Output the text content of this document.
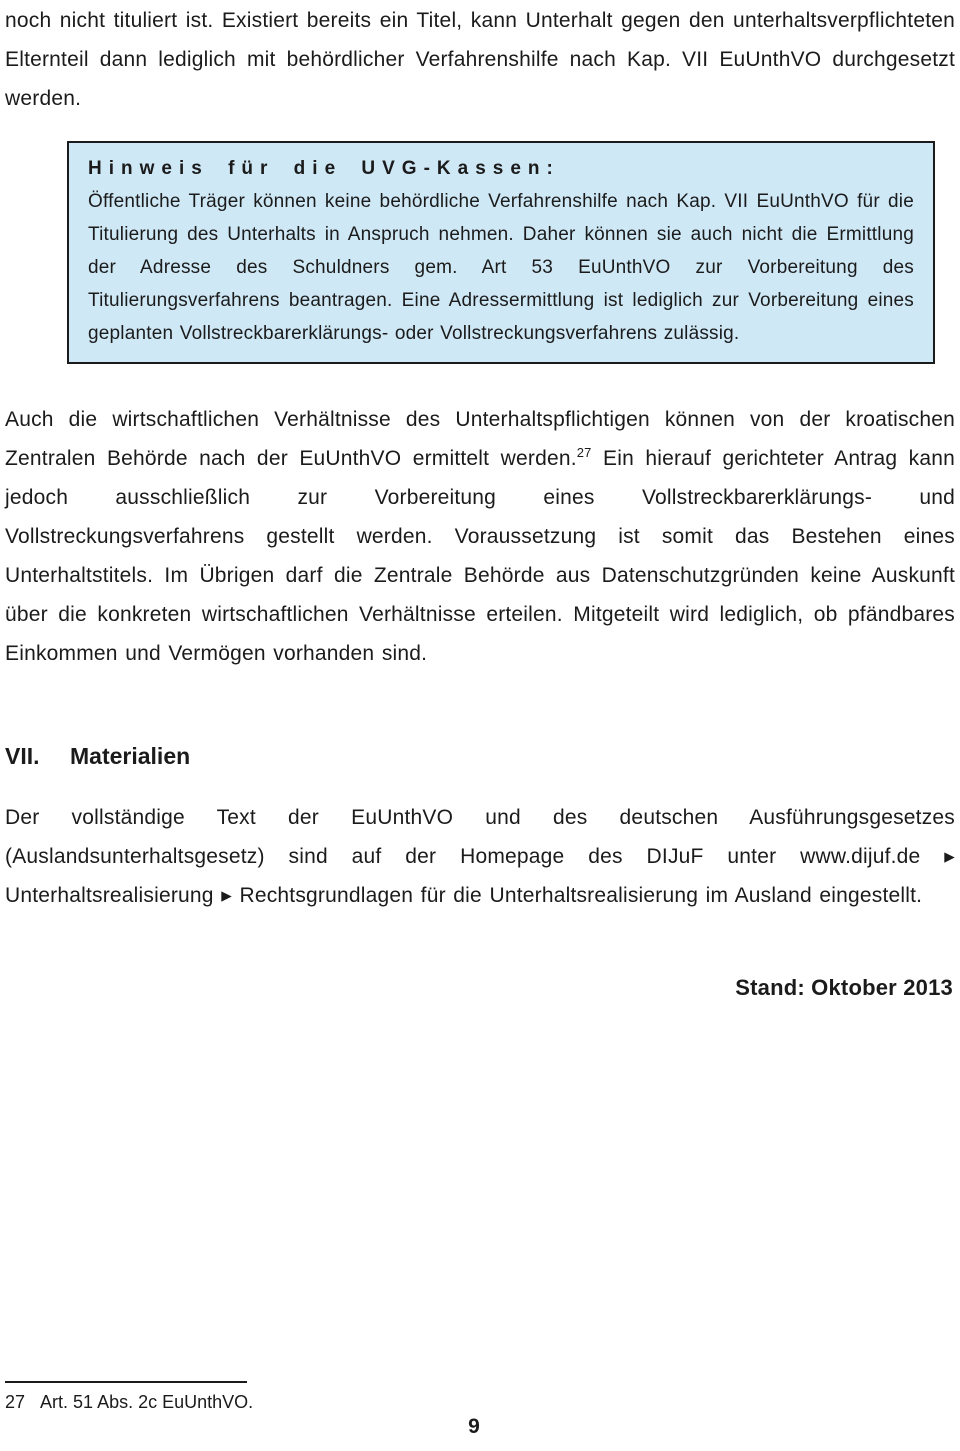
noch nicht tituliert ist. Existiert bereits ein Titel, kann Unterhalt gegen den unterhaltsverpflichteten Elternteil dann lediglich mit behördlicher Verfahrenshilfe nach Kap. VII EuUnthVO durchgesetzt werden.

Hinweis für die UVG-Kassen:

Öffentliche Träger können keine behördliche Verfahrenshilfe nach Kap. VII EuUnthVO für die Titulierung des Unterhalts in Anspruch nehmen. Daher können sie auch nicht die Ermittlung der Adresse des Schuldners gem. Art 53 EuUnthVO zur Vorbereitung des Titulierungsverfahrens beantragen. Eine Adressermittlung ist lediglich zur Vorbereitung eines geplanten Vollstreckbarerklärungs- oder Vollstreckungsverfahrens zulässig.

Auch die wirtschaftlichen Verhältnisse des Unterhaltspflichtigen können von der kroatischen Zentralen Behörde nach der EuUnthVO ermittelt werden.$^{27}$ Ein hierauf gerichteter Antrag kann jedoch ausschließlich zur Vorbereitung eines Vollstreckbarerklärungs- und Vollstreckungsverfahrens gestellt werden. Voraussetzung ist somit das Bestehen eines Unterhaltstitels. Im Übrigen darf die Zentrale Behörde aus Datenschutzgründen keine Auskunft über die konkreten wirtschaftlichen Verhältnisse erteilen. Mitgeteilt wird lediglich, ob pfändbares Einkommen und Vermögen vorhanden sind.

VII.	Materialien

Der vollständige Text der EuUnthVO und des deutschen Ausführungsgesetzes (Auslandsunterhaltsgesetz) sind auf der Homepage des DIJuF unter www.dijuf.de ▸ Unterhaltsrealisierung ▸ Rechtsgrundlagen für die Unterhaltsrealisierung im Ausland eingestellt.

Stand: Oktober 2013

27 Art. 51 Abs. 2c EuUnthVO.
9
